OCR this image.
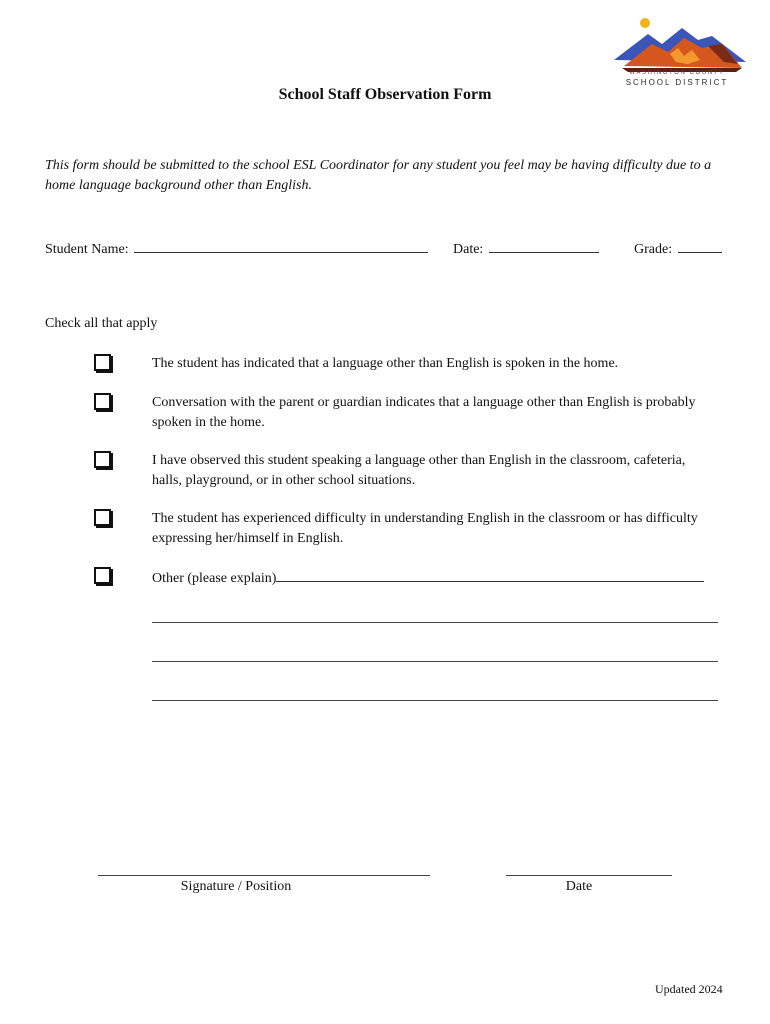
WASHINGTON COUNTY
SCHOOL DISTRICT
School Staff Observation Form
This form should be submitted to the school ESL Coordinator for any student you feel may be having difficulty due to a home language background other than English.
Student Name:	Date:	Grade:
Check all that apply
The student has indicated that a language other than English is spoken in the home.
Conversation with the parent or guardian indicates that a language other than English is probably spoken in the home.
I have observed this student speaking a language other than English in the classroom, cafeteria, halls, playground, or in other school situations.
The student has experienced difficulty in understanding English in the classroom or has difficulty expressing her/himself in English.
Other (please explain)
Signature / Position	Date
Updated 2024
